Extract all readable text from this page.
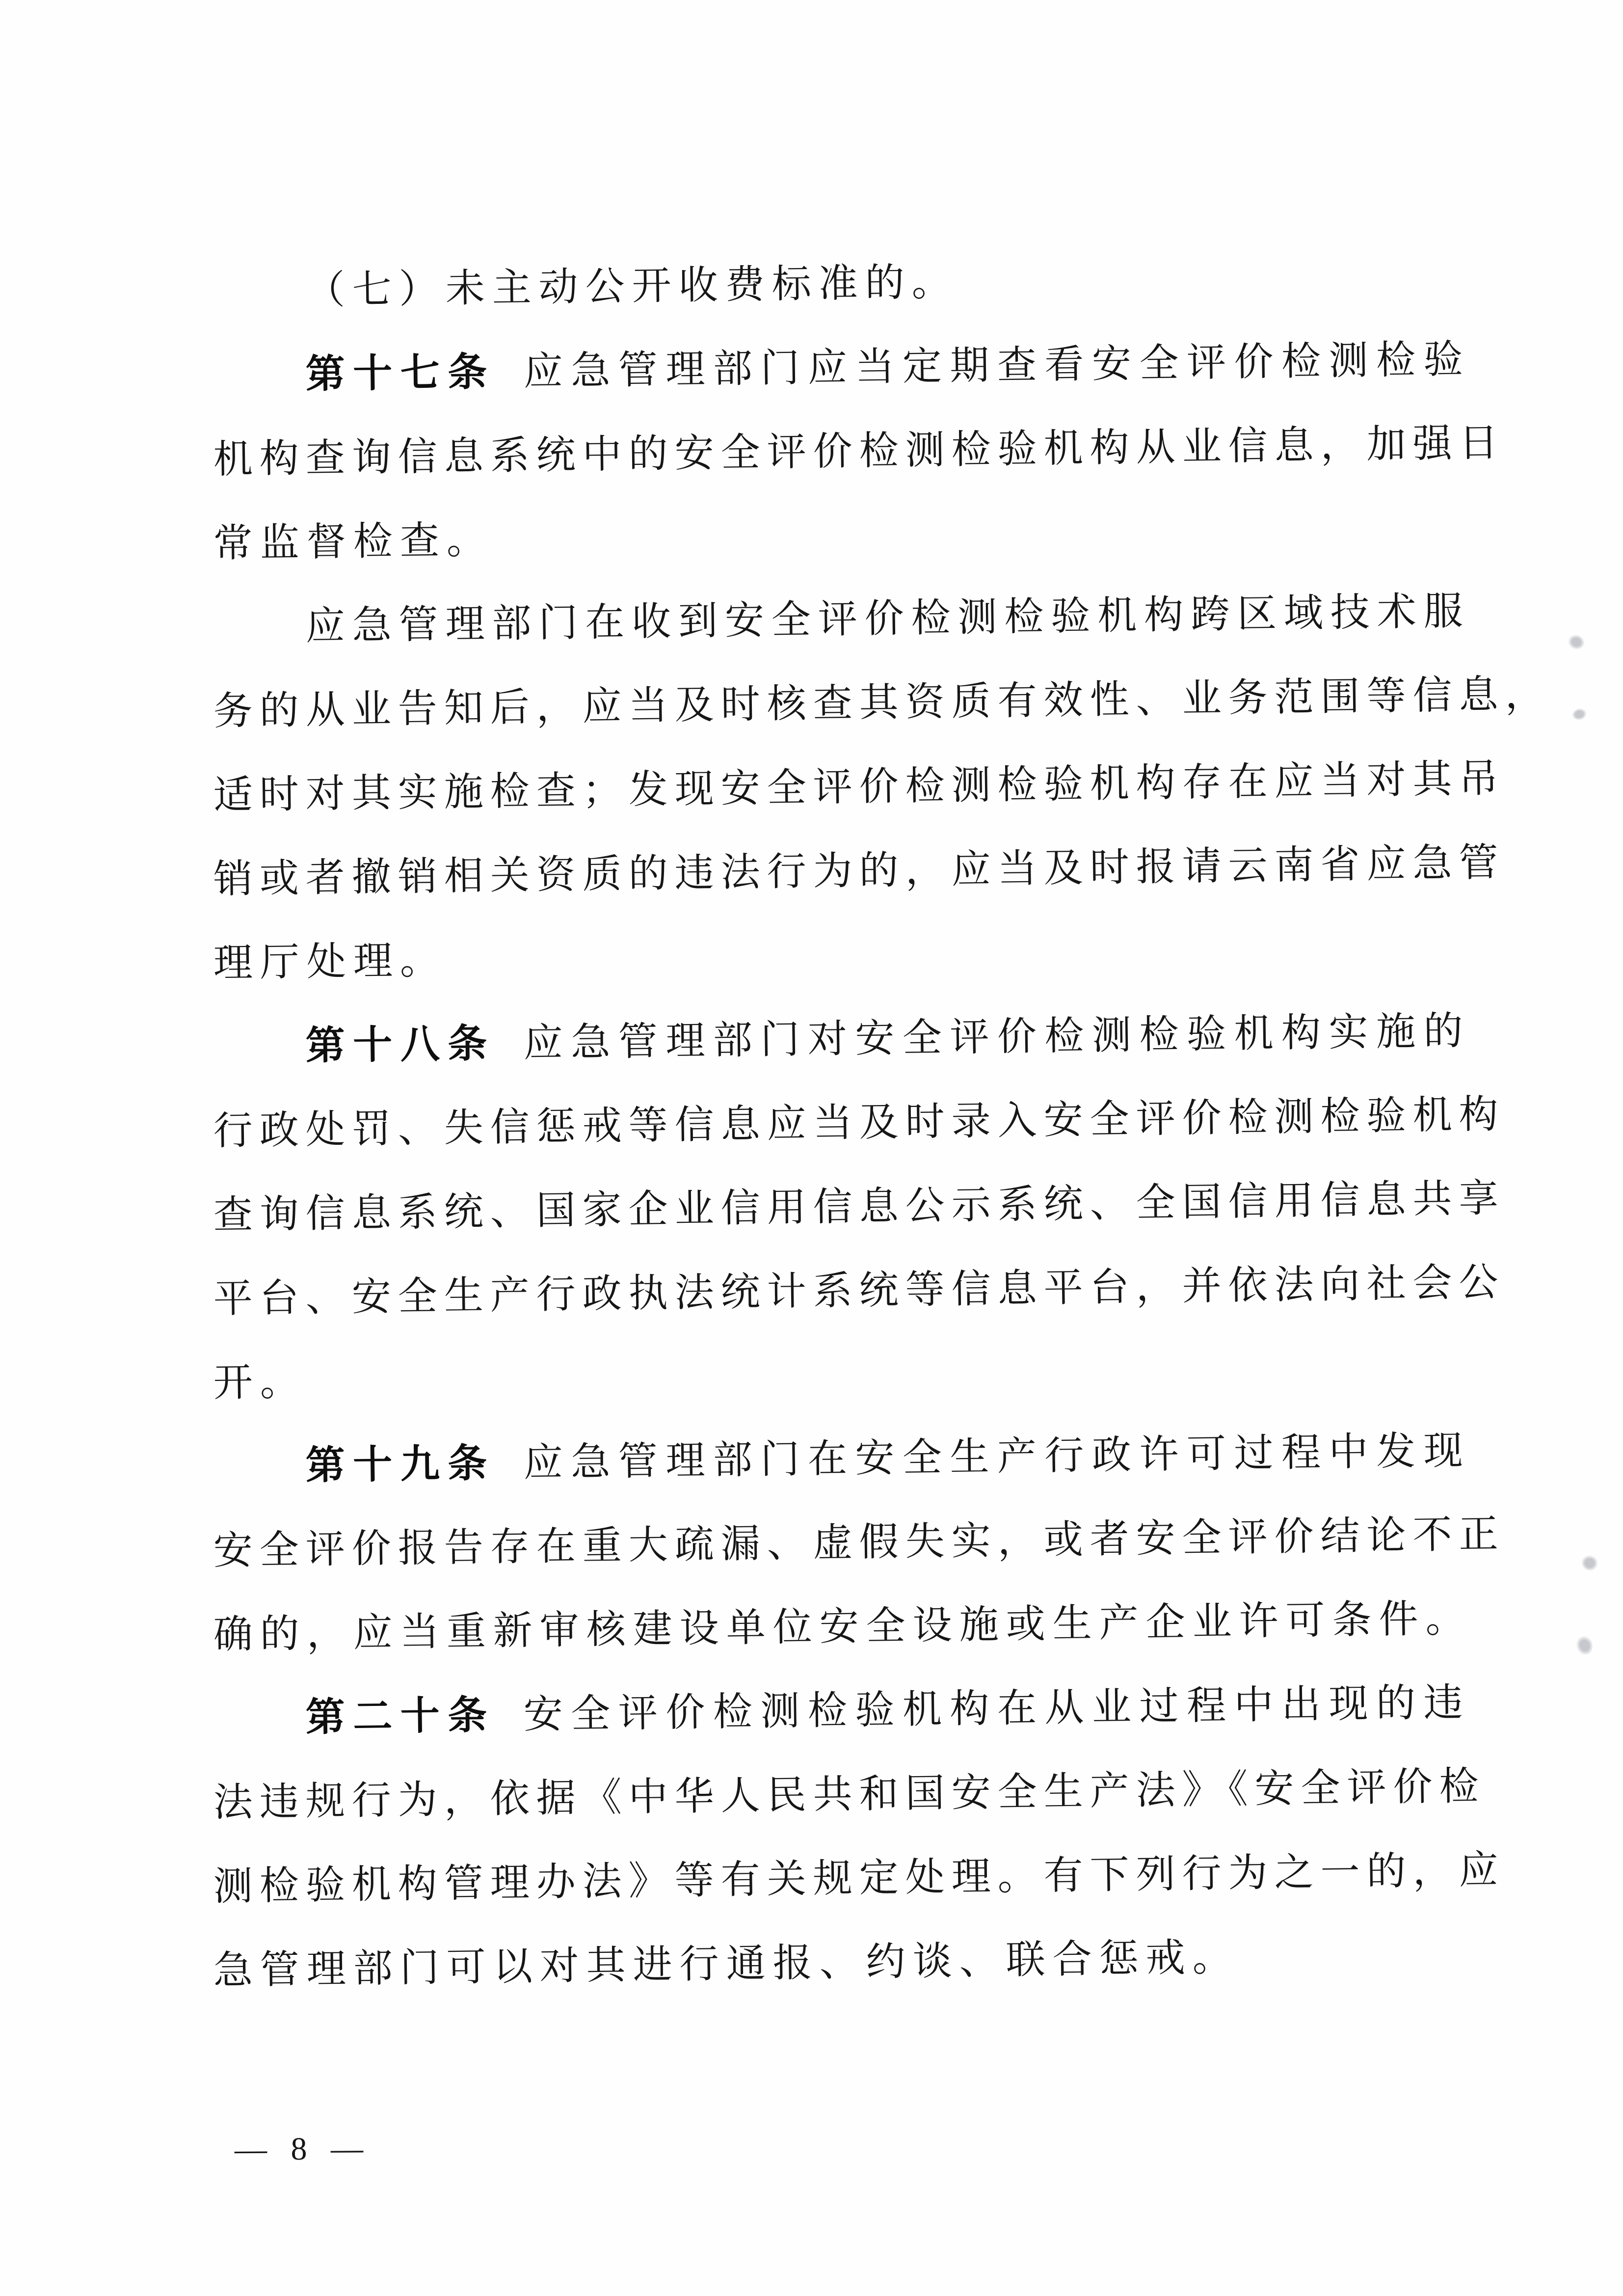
（七）未主动公开收费标准的。
第十七条 应急管理部门应当定期查看安全评价检测检验
机构查询信息系统中的安全评价检测检验机构从业信息，加强日
常监督检查。
应急管理部门在收到安全评价检测检验机构跨区域技术服
务的从业告知后，应当及时核查其资质有效性、业务范围等信息，
适时对其实施检查；发现安全评价检测检验机构存在应当对其吊
销或者撤销相关资质的违法行为的，应当及时报请云南省应急管
理厅处理。
第十八条 应急管理部门对安全评价检测检验机构实施的
行政处罚、失信惩戒等信息应当及时录入安全评价检测检验机构
查询信息系统、国家企业信用信息公示系统、全国信用信息共享
平台、安全生产行政执法统计系统等信息平台，并依法向社会公
开。
第十九条 应急管理部门在安全生产行政许可过程中发现
安全评价报告存在重大疏漏、虚假失实，或者安全评价结论不正
确的，应当重新审核建设单位安全设施或生产企业许可条件。
第二十条 安全评价检测检验机构在从业过程中出现的违
法违规行为，依据《中华人民共和国安全生产法》《安全评价检
测检验机构管理办法》等有关规定处理。有下列行为之一的，应
急管理部门可以对其进行通报、约谈、联合惩戒。
— 8 —
